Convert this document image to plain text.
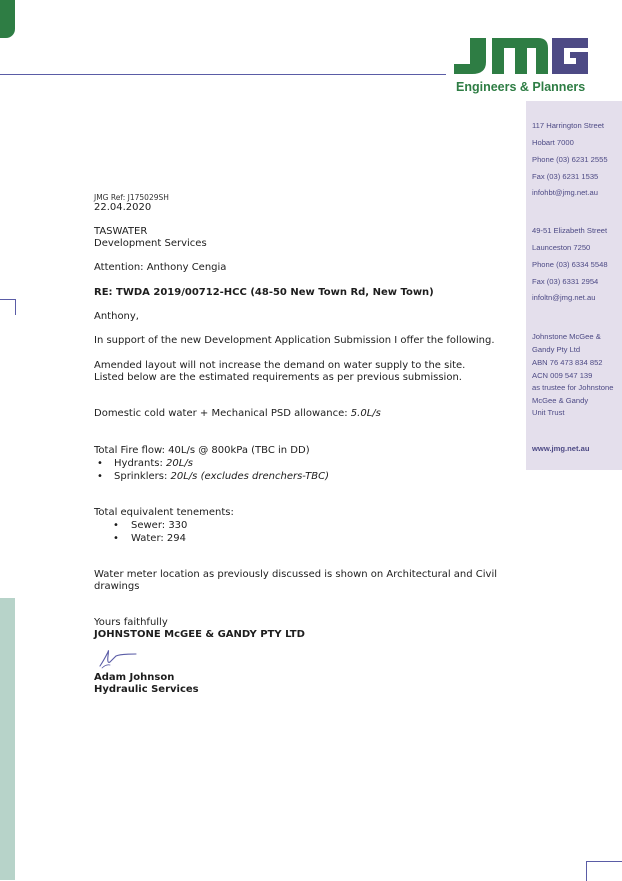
Engineers & Planners
117 Harrington Street
Hobart 7000
Phone (03) 6231 2555
Fax (03) 6231 1535
infohbt@jmg.net.au
49-51 Elizabeth Street
Launceston 7250
Phone (03) 6334 5548
Fax (03) 6331 2954
infoltn@jmg.net.au
Johnstone McGee &
Gandy Pty Ltd
ABN 76 473 834 852
ACN 009 547 139
as trustee for Johnstone
McGee & Gandy
Unit Trust
www.jmg.net.au
JMG Ref: J175029SH
22.04.2020
TASWATER
Development Services
Attention: Anthony Cengia
RE: TWDA 2019/00712-HCC (48-50 New Town Rd, New Town)
Anthony,
In support of the new Development Application Submission I offer the following.
Amended layout will not increase the demand on water supply to the site.
Listed below are the estimated requirements as per previous submission.
Domestic cold water + Mechanical PSD allowance: 5.0L/s
Total Fire flow: 40L/s @ 800kPa (TBC in DD)
• Hydrants: 20L/s
• Sprinklers: 20L/s (excludes drenchers-TBC)
Total equivalent tenements:
• Sewer: 330
• Water: 294
Water meter location as previously discussed is shown on Architectural and Civil
drawings
Yours faithfully
JOHNSTONE McGEE & GANDY PTY LTD
Adam Johnson
Hydraulic Services
